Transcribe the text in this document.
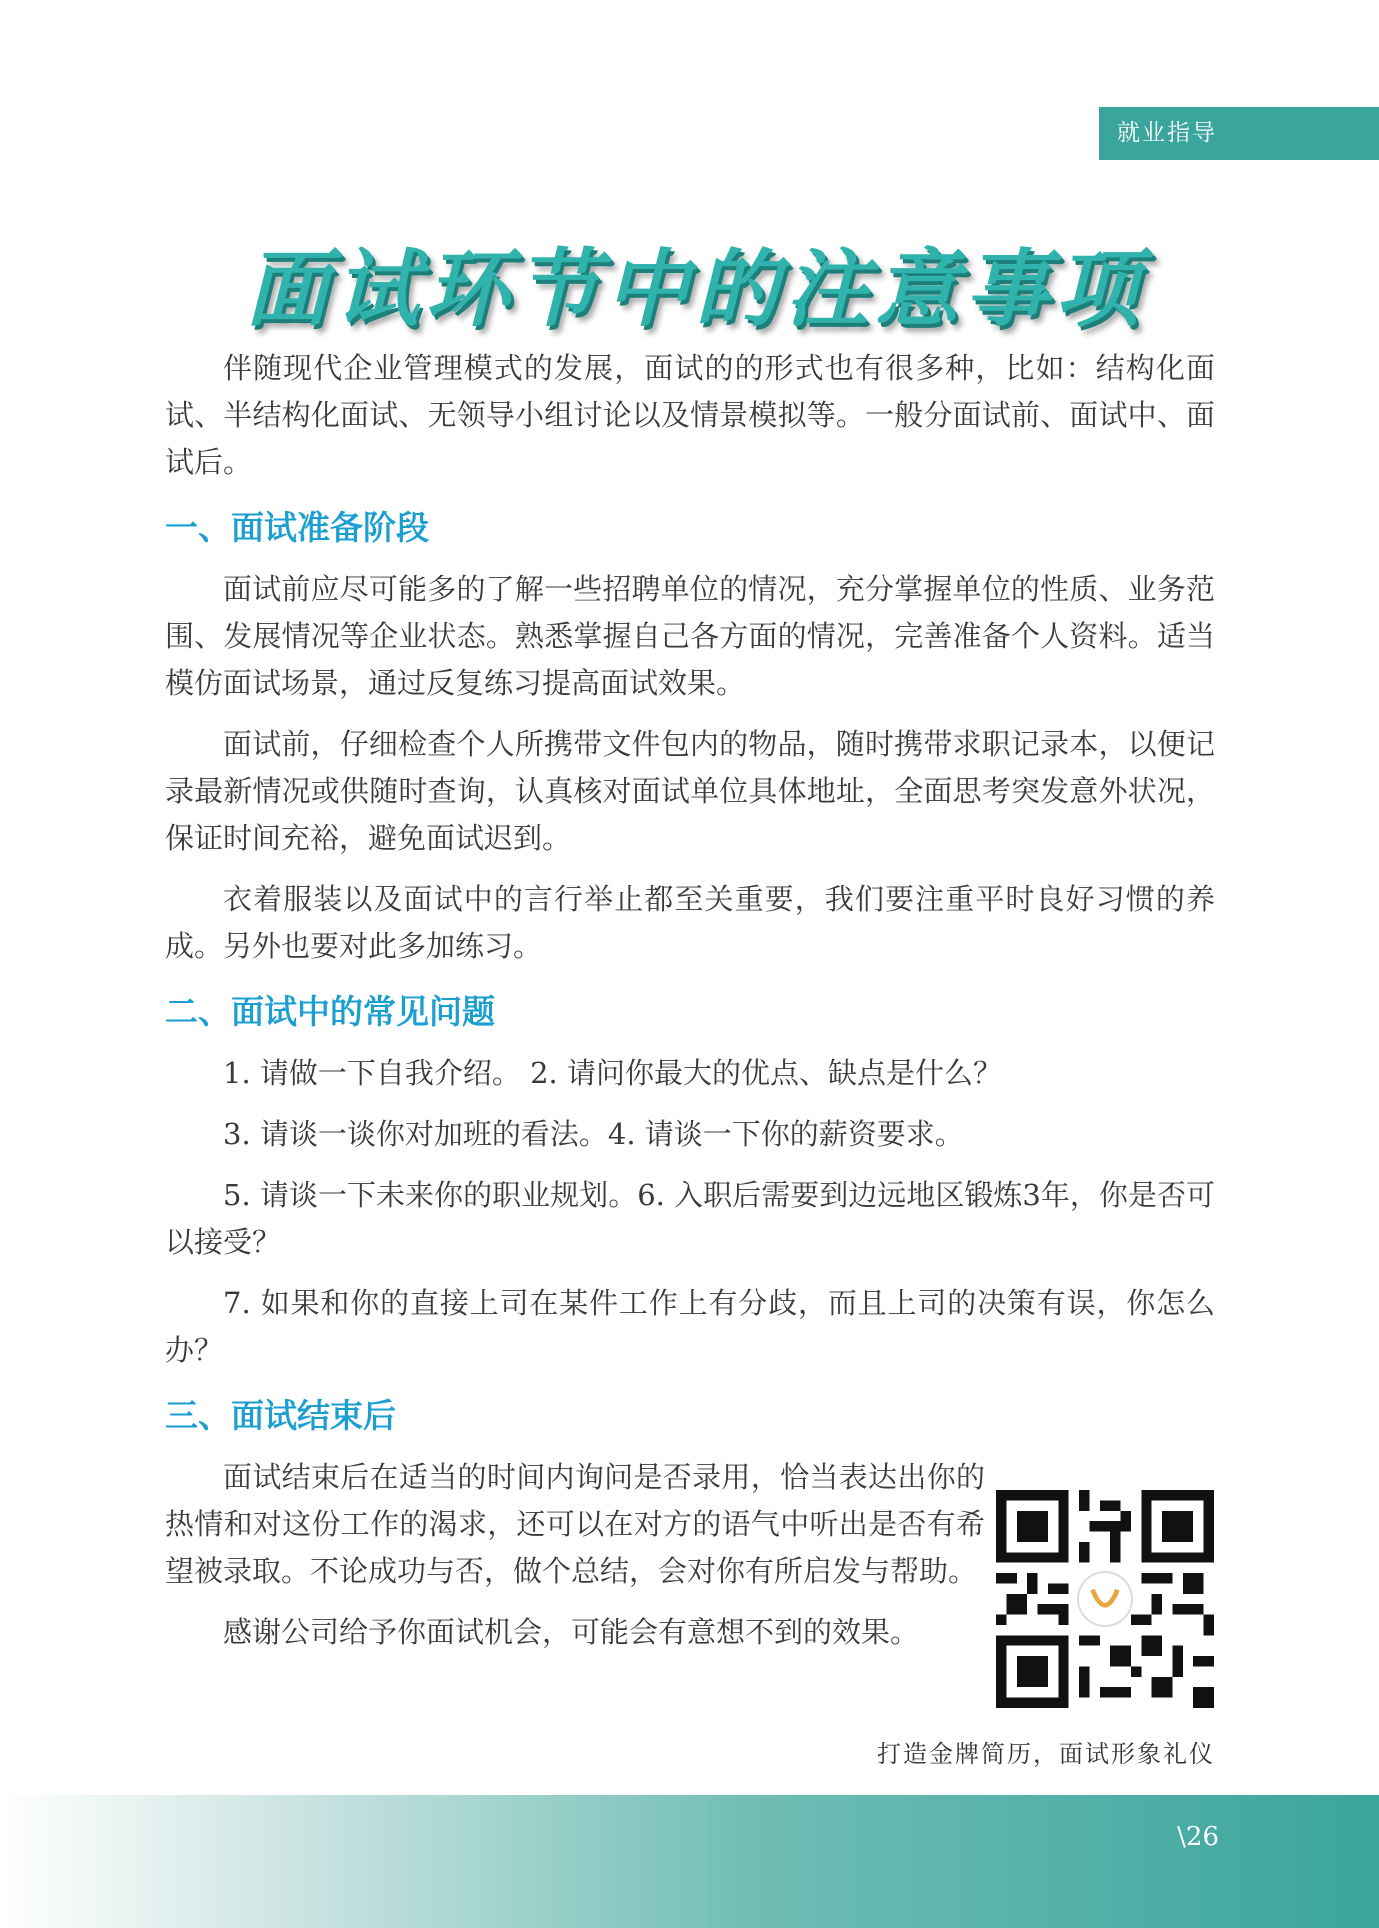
就业指导
面试环节中的注意事项

伴随现代企业管理模式的发展，面试的的形式也有很多种，比如：结构化面试、半结构化面试、无领导小组讨论以及情景模拟等。一般分面试前、面试中、面试后。

一、面试准备阶段

面试前应尽可能多的了解一些招聘单位的情况，充分掌握单位的性质、业务范围、发展情况等企业状态。熟悉掌握自己各方面的情况，完善准备个人资料。适当模仿面试场景，通过反复练习提高面试效果。

面试前，仔细检查个人所携带文件包内的物品，随时携带求职记录本，以便记录最新情况或供随时查询，认真核对面试单位具体地址，全面思考突发意外状况，保证时间充裕，避免面试迟到。

衣着服装以及面试中的言行举止都至关重要，我们要注重平时良好习惯的养成。另外也要对此多加练习。

二、面试中的常见问题

1. 请做一下自我介绍。 2. 请问你最大的优点、缺点是什么？

3. 请谈一谈你对加班的看法。4. 请谈一下你的薪资要求。

5. 请谈一下未来你的职业规划。6. 入职后需要到边远地区锻炼3年，你是否可以接受？

7. 如果和你的直接上司在某件工作上有分歧，而且上司的决策有误，你怎么办？

三、面试结束后

面试结束后在适当的时间内询问是否录用，恰当表达出你的热情和对这份工作的渴求，还可以在对方的语气中听出是否有希望被录取。不论成功与否，做个总结，会对你有所启发与帮助。

感谢公司给予你面试机会，可能会有意想不到的效果。

打造金牌简历，面试形象礼仪
\26
